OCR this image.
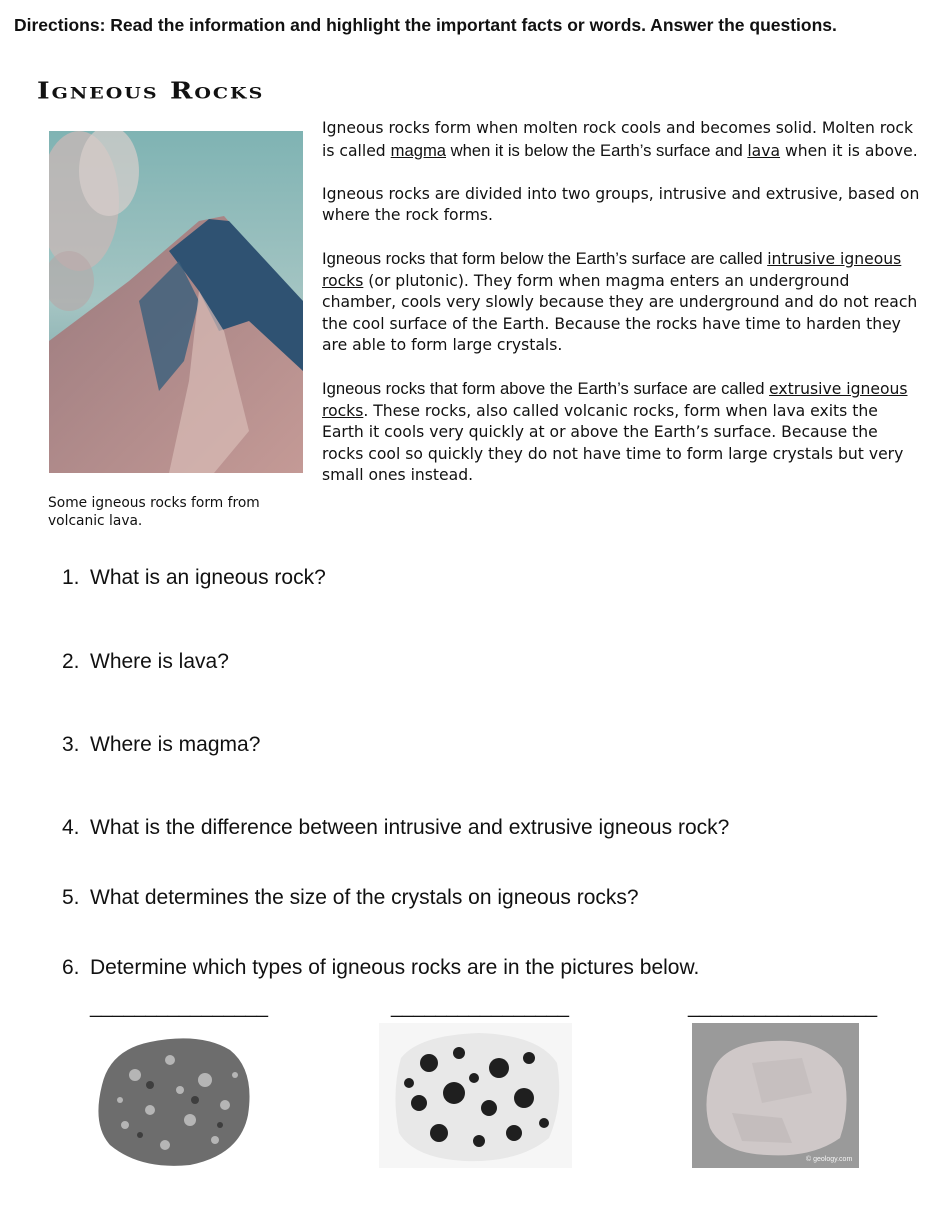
Directions: Read the information and highlight the important facts or words. Answer the questions.
Igneous Rocks
Some igneous rocks form from volcanic lava.

Igneous rocks form when molten rock cools and becomes solid. Molten rock is called magma when it is below the Earth’s surface and lava when it is above.

Igneous rocks are divided into two groups, intrusive and extrusive, based on where the rock forms.

Igneous rocks that form below the Earth’s surface are called intrusive igneous rocks (or plutonic). They form when magma enters an underground chamber, cools very slowly because they are underground and do not reach the cool surface of the Earth. Because the rocks have time to harden they are able to form large crystals.

Igneous rocks that form above the Earth’s surface are called extrusive igneous rocks. These rocks, also called volcanic rocks, form when lava exits the Earth it cools very quickly at or above the Earth’s surface. Because the rocks cool so quickly they do not have time to form large crystals but very small ones instead.

1. What is an igneous rock?
2. Where is lava?
3. Where is magma?
4. What is the difference between intrusive and extrusive igneous rock?
5. What determines the size of the crystals on igneous rocks?
6. Determine which types of igneous rocks are in the pictures below.
________________	________________	_________________
© geology.com
